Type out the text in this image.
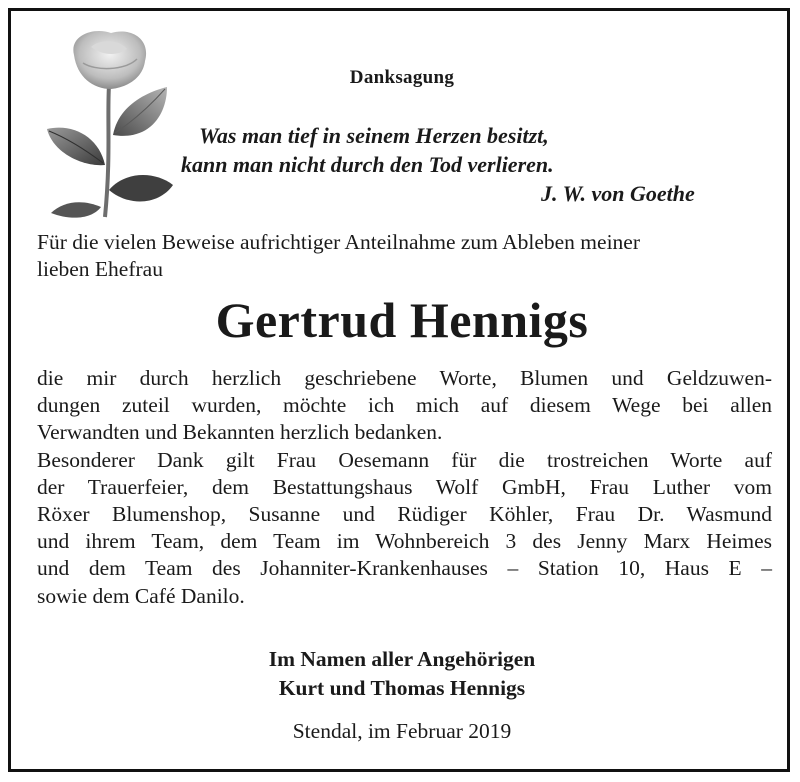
Danksagung
Was man tief in seinem Herzen besitzt,
kann man nicht durch den Tod verlieren.
J. W. von Goethe
Für die vielen Beweise aufrichtiger Anteilnahme zum Ableben meiner
lieben Ehefrau
Gertrud Hennigs
die mir durch herzlich geschriebene Worte, Blumen und Geldzuwen-
dungen zuteil wurden, möchte ich mich auf diesem Wege bei allen
Verwandten und Bekannten herzlich bedanken.
Besonderer Dank gilt Frau Oesemann für die trostreichen Worte auf
der Trauerfeier, dem Bestattungshaus Wolf GmbH, Frau Luther vom
Röxer Blumenshop, Susanne und Rüdiger Köhler, Frau Dr. Wasmund
und ihrem Team, dem Team im Wohnbereich 3 des Jenny Marx Heimes
und dem Team des Johanniter-Krankenhauses – Station 10, Haus E –
sowie dem Café Danilo.
Im Namen aller Angehörigen
Kurt und Thomas Hennigs
Stendal, im Februar 2019
